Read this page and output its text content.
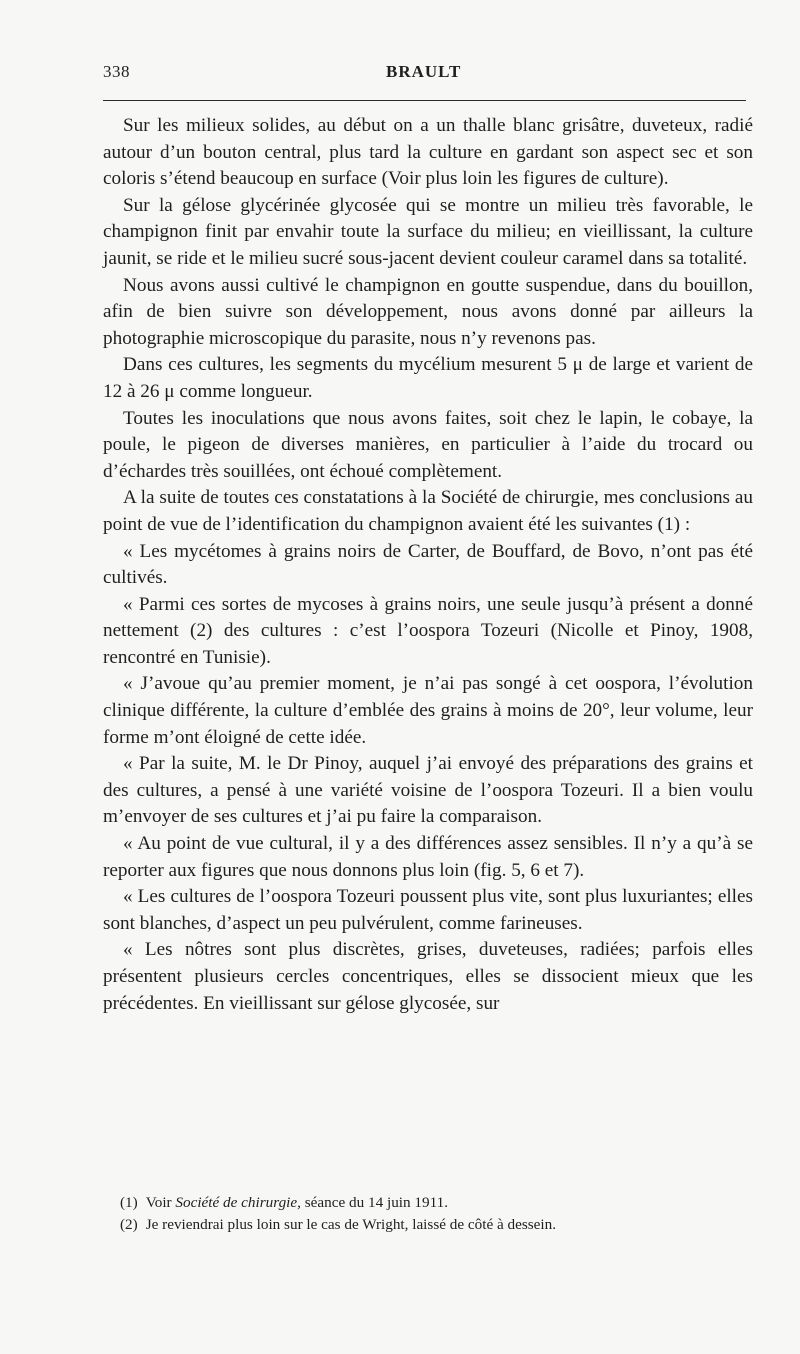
338	BRAULT

Sur les milieux solides, au début on a un thalle blanc grisâtre, duveteux, radié autour d’un bouton central, plus tard la culture en gardant son aspect sec et son coloris s’étend beaucoup en surface (Voir plus loin les figures de culture).

Sur la gélose glycérinée glycosée qui se montre un milieu très favorable, le champignon finit par envahir toute la surface du milieu; en vieillissant, la culture jaunit, se ride et le milieu sucré sous-jacent devient couleur caramel dans sa totalité.

Nous avons aussi cultivé le champignon en goutte suspendue, dans du bouillon, afin de bien suivre son développement, nous avons donné par ailleurs la photographie microscopique du parasite, nous n’y revenons pas.

Dans ces cultures, les segments du mycélium mesurent 5 μ de large et varient de 12 à 26 μ comme longueur.

Toutes les inoculations que nous avons faites, soit chez le lapin, le cobaye, la poule, le pigeon de diverses manières, en particulier à l’aide du trocard ou d’échardes très souillées, ont échoué complètement.

A la suite de toutes ces constatations à la Société de chirurgie, mes conclusions au point de vue de l’identification du champignon avaient été les suivantes (1) :

« Les mycétomes à grains noirs de Carter, de Bouffard, de Bovo, n’ont pas été cultivés.

« Parmi ces sortes de mycoses à grains noirs, une seule jusqu’à présent a donné nettement (2) des cultures : c’est l’oospora Tozeuri (Nicolle et Pinoy, 1908, rencontré en Tunisie).

« J’avoue qu’au premier moment, je n’ai pas songé à cet oospora, l’évolution clinique différente, la culture d’emblée des grains à moins de 20°, leur volume, leur forme m’ont éloigné de cette idée.

« Par la suite, M. le Dr Pinoy, auquel j’ai envoyé des préparations des grains et des cultures, a pensé à une variété voisine de l’oospora Tozeuri. Il a bien voulu m’envoyer de ses cultures et j’ai pu faire la comparaison.

« Au point de vue cultural, il y a des différences assez sensibles. Il n’y a qu’à se reporter aux figures que nous donnons plus loin (fig. 5, 6 et 7).

« Les cultures de l’oospora Tozeuri poussent plus vite, sont plus luxuriantes; elles sont blanches, d’aspect un peu pulvérulent, comme farineuses.

« Les nôtres sont plus discrètes, grises, duveteuses, radiées; parfois elles présentent plusieurs cercles concentriques, elles se dissocient mieux que les précédentes. En vieillissant sur gélose glycosée, sur

(1) Voir Société de chirurgie, séance du 14 juin 1911.

(2) Je reviendrai plus loin sur le cas de Wright, laissé de côté à dessein.
